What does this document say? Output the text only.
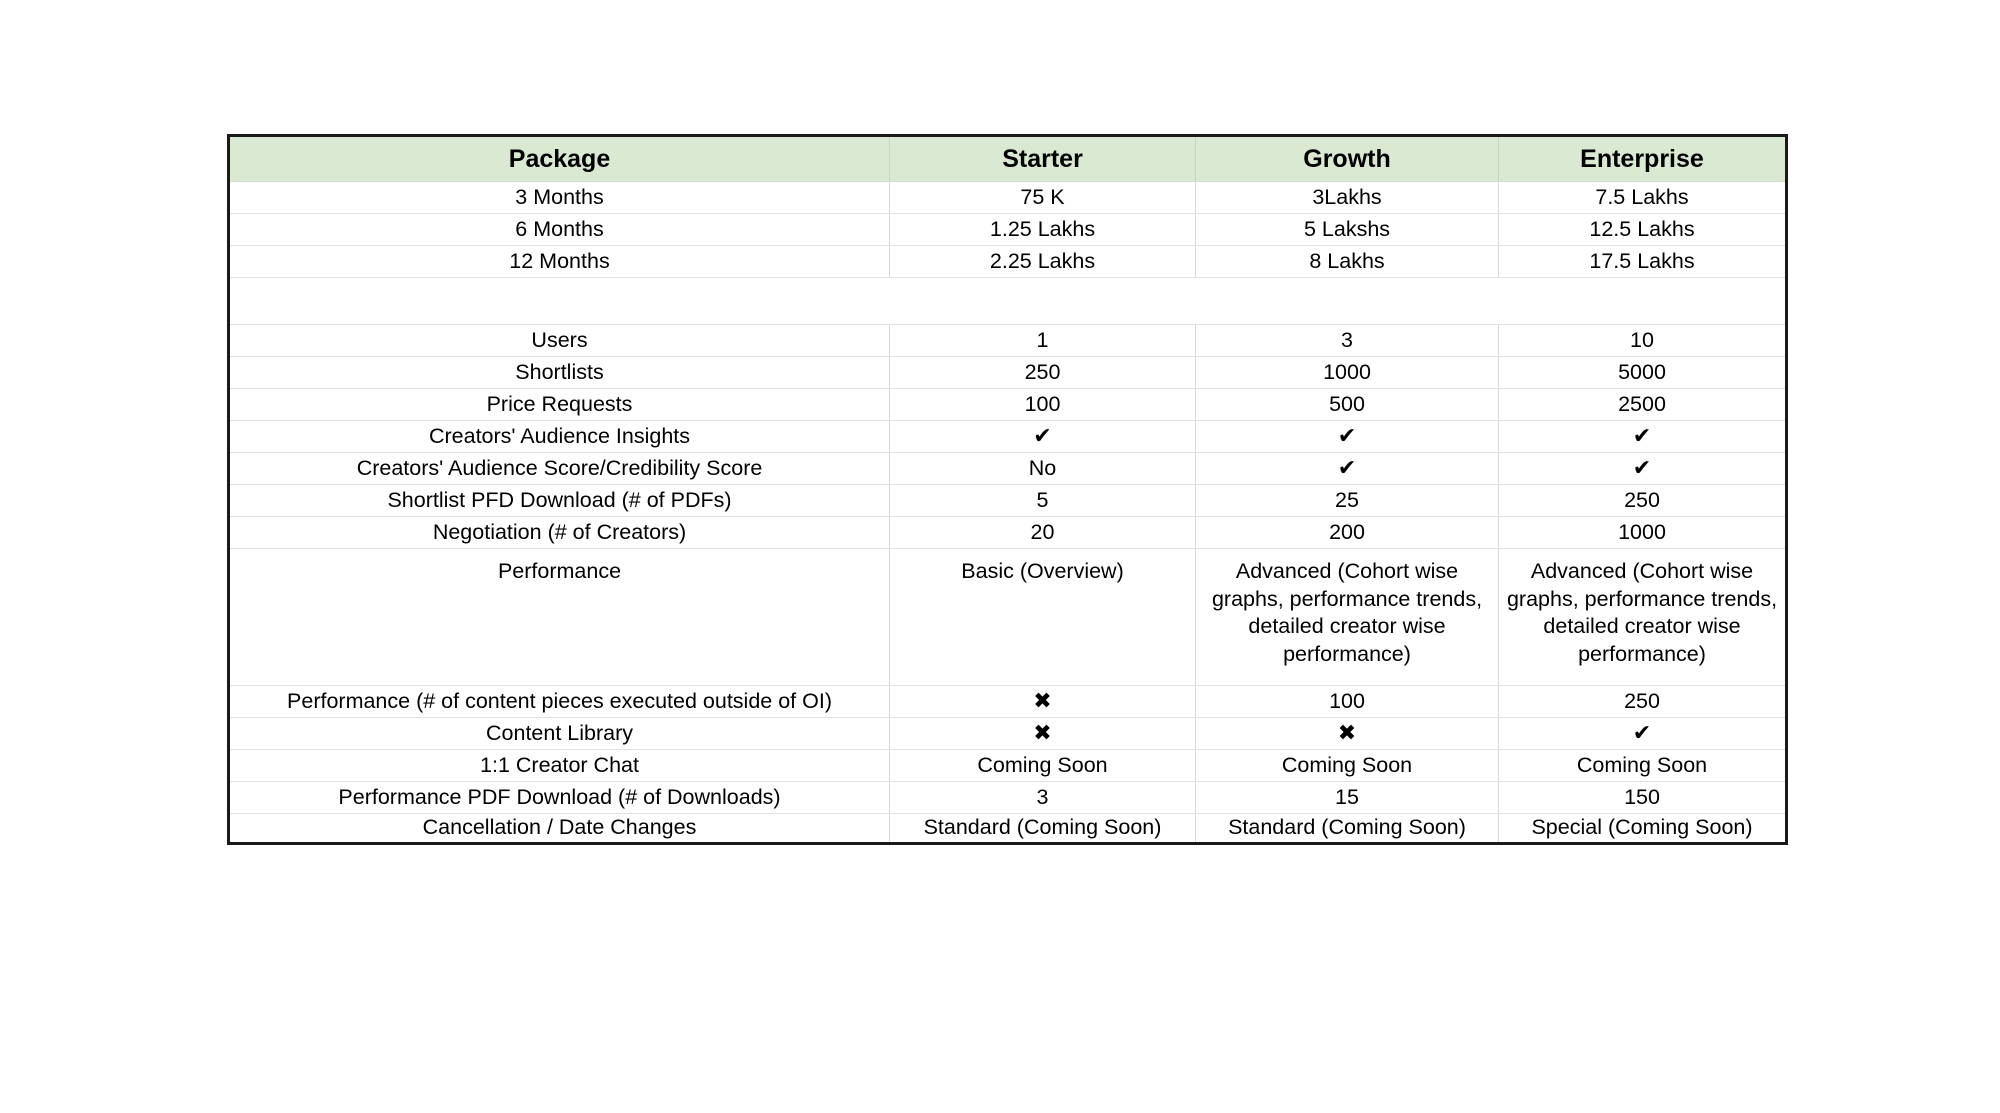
Package	Starter	Growth	Enterprise
3 Months	75 K	3Lakhs	7.5 Lakhs
6 Months	1.25 Lakhs	5 Lakshs	12.5 Lakhs
12 Months	2.25 Lakhs	8 Lakhs	17.5 Lakhs

Users	1	3	10
Shortlists	250	1000	5000
Price Requests	100	500	2500
Creators' Audience Insights	✔	✔	✔
Creators' Audience Score/Credibility Score	No	✔	✔
Shortlist PFD Download (# of PDFs)	5	25	250
Negotiation (# of Creators)	20	200	1000
Performance	Basic (Overview)	Advanced (Cohort wise graphs, performance trends, detailed creator wise performance)	Advanced (Cohort wise graphs, performance trends, detailed creator wise performance)
Performance (# of content pieces executed outside of OI)	✖	100	250
Content Library	✖	✖	✔
1:1 Creator Chat	Coming Soon	Coming Soon	Coming Soon
Performance PDF Download (# of Downloads)	3	15	150
Cancellation / Date Changes	Standard (Coming Soon)	Standard (Coming Soon)	Special (Coming Soon)
